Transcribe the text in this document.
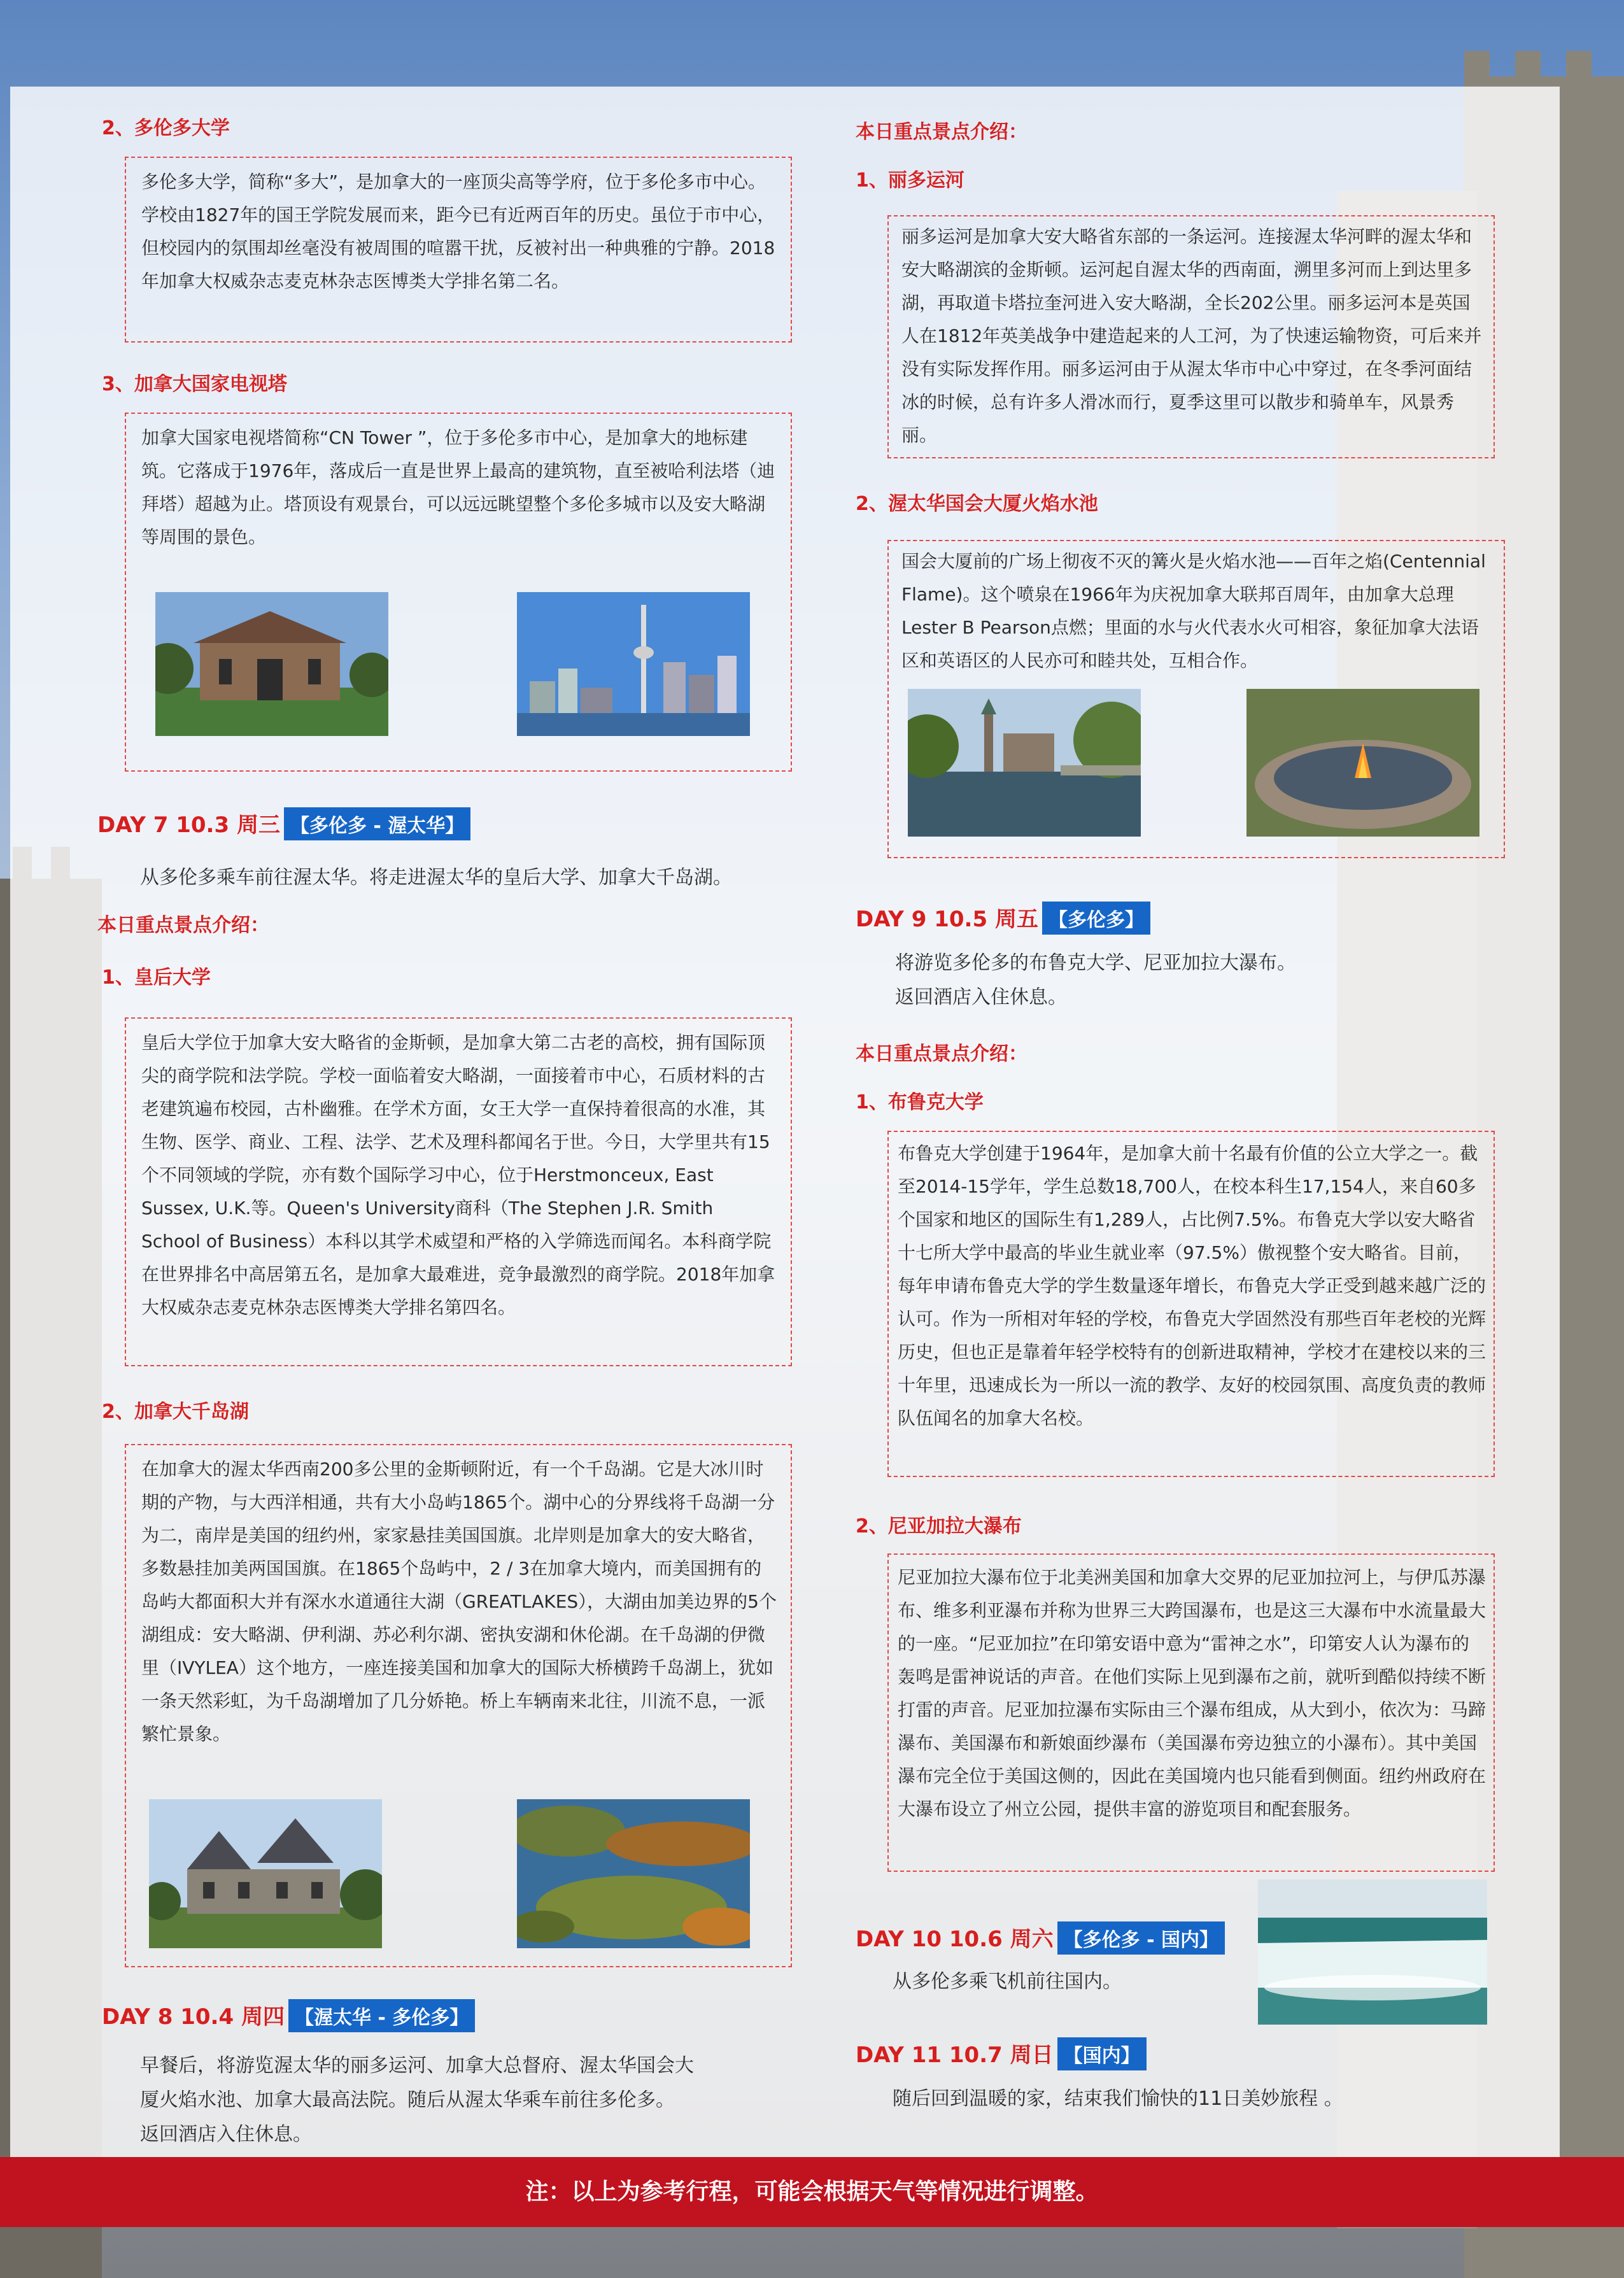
2、多伦多大学

多伦多大学，简称“多大”，是加拿大的一座顶尖高等学府，位于多伦多市中心。学校由1827年的国王学院发展而来，距今已有近两百年的历史。虽位于市中心，但校园内的氛围却丝毫没有被周围的喧嚣干扰，反被衬出一种典雅的宁静。2018年加拿大权威杂志麦克林杂志医博类大学排名第二名。

3、加拿大国家电视塔

加拿大国家电视塔简称“CN Tower ”，位于多伦多市中心，是加拿大的地标建筑。它落成于1976年，落成后一直是世界上最高的建筑物，直至被哈利法塔（迪拜塔）超越为止。塔顶设有观景台，可以远远眺望整个多伦多城市以及安大略湖等周围的景色。

DAY 7 10.3 周三 【多伦多 - 渥太华】

从多伦多乘车前往渥太华。将走进渥太华的皇后大学、加拿大千岛湖。

本日重点景点介绍：
1、皇后大学

皇后大学位于加拿大安大略省的金斯顿，是加拿大第二古老的高校，拥有国际顶尖的商学院和法学院。学校一面临着安大略湖，一面接着市中心，石质材料的古老建筑遍布校园，古朴幽雅。在学术方面，女王大学一直保持着很高的水准，其生物、医学、商业、工程、法学、艺术及理科都闻名于世。今日，大学里共有15个不同领域的学院，亦有数个国际学习中心，位于Herstmonceux, East Sussex, U.K.等。Queen's University商科（The Stephen J.R. Smith School of Business）本科以其学术威望和严格的入学筛选而闻名。本科商学院在世界排名中高居第五名，是加拿大最难进，竞争最激烈的商学院。2018年加拿大权威杂志麦克林杂志医博类大学排名第四名。

2、加拿大千岛湖

在加拿大的渥太华西南200多公里的金斯顿附近，有一个千岛湖。它是大冰川时期的产物，与大西洋相通，共有大小岛屿1865个。湖中心的分界线将千岛湖一分为二，南岸是美国的纽约州，家家悬挂美国国旗。北岸则是加拿大的安大略省，多数悬挂加美两国国旗。在1865个岛屿中，2 / 3在加拿大境内，而美国拥有的岛屿大都面积大并有深水水道通往大湖（GREATLAKES），大湖由加美边界的5个湖组成：安大略湖、伊利湖、苏必利尔湖、密执安湖和休伦湖。在千岛湖的伊微里（IVYLEA）这个地方，一座连接美国和加拿大的国际大桥横跨千岛湖上，犹如一条天然彩虹，为千岛湖增加了几分娇艳。桥上车辆南来北往，川流不息，一派繁忙景象。

DAY 8 10.4 周四 【渥太华 - 多伦多】

早餐后，将游览渥太华的丽多运河、加拿大总督府、渥太华国会大

厦火焰水池、加拿大最高法院。随后从渥太华乘车前往多伦多。

返回酒店入住休息。

本日重点景点介绍：
1、丽多运河

丽多运河是加拿大安大略省东部的一条运河。连接渥太华河畔的渥太华和安大略湖滨的金斯顿。运河起自渥太华的西南面，溯里多河而上到达里多湖，再取道卡塔拉奎河进入安大略湖，全长202公里。丽多运河本是英国人在1812年英美战争中建造起来的人工河，为了快速运输物资，可后来并没有实际发挥作用。丽多运河由于从渥太华市中心中穿过，在冬季河面结冰的时候，总有许多人滑冰而行，夏季这里可以散步和骑单车，风景秀丽。

2、渥太华国会大厦火焰水池

国会大厦前的广场上彻夜不灭的篝火是火焰水池——百年之焰(Centennial Flame)。这个喷泉在1966年为庆祝加拿大联邦百周年，由加拿大总理Lester B Pearson点燃；里面的水与火代表水火可相容，象征加拿大法语区和英语区的人民亦可和睦共处，互相合作。

DAY 9 10.5 周五 【多伦多】

将游览多伦多的布鲁克大学、尼亚加拉大瀑布。

返回酒店入住休息。

本日重点景点介绍：
1、布鲁克大学

布鲁克大学创建于1964年，是加拿大前十名最有价值的公立大学之一。截至2014-15学年，学生总数18,700人，在校本科生17,154人，来自60多个国家和地区的国际生有1,289人，占比例7.5%。布鲁克大学以安大略省十七所大学中最高的毕业生就业率（97.5%）傲视整个安大略省。目前，每年申请布鲁克大学的学生数量逐年增长，布鲁克大学正受到越来越广泛的认可。作为一所相对年轻的学校，布鲁克大学固然没有那些百年老校的光辉历史，但也正是靠着年轻学校特有的创新进取精神，学校才在建校以来的三十年里，迅速成长为一所以一流的教学、友好的校园氛围、高度负责的教师队伍闻名的加拿大名校。

2、尼亚加拉大瀑布

尼亚加拉大瀑布位于北美洲美国和加拿大交界的尼亚加拉河上，与伊瓜苏瀑布、维多利亚瀑布并称为世界三大跨国瀑布，也是这三大瀑布中水流量最大的一座。“尼亚加拉”在印第安语中意为“雷神之水”，印第安人认为瀑布的轰鸣是雷神说话的声音。在他们实际上见到瀑布之前，就听到酷似持续不断打雷的声音。尼亚加拉瀑布实际由三个瀑布组成，从大到小，依次为：马蹄瀑布、美国瀑布和新娘面纱瀑布（美国瀑布旁边独立的小瀑布）。其中美国瀑布完全位于美国这侧的，因此在美国境内也只能看到侧面。纽约州政府在大瀑布设立了州立公园，提供丰富的游览项目和配套服务。

DAY 10 10.6 周六 【多伦多 - 国内】

从多伦多乘飞机前往国内。

DAY 11 10.7 周日 【国内】

随后回到温暖的家，结束我们愉快的11日美妙旅程 。

注：以上为参考行程，可能会根据天气等情况进行调整。
